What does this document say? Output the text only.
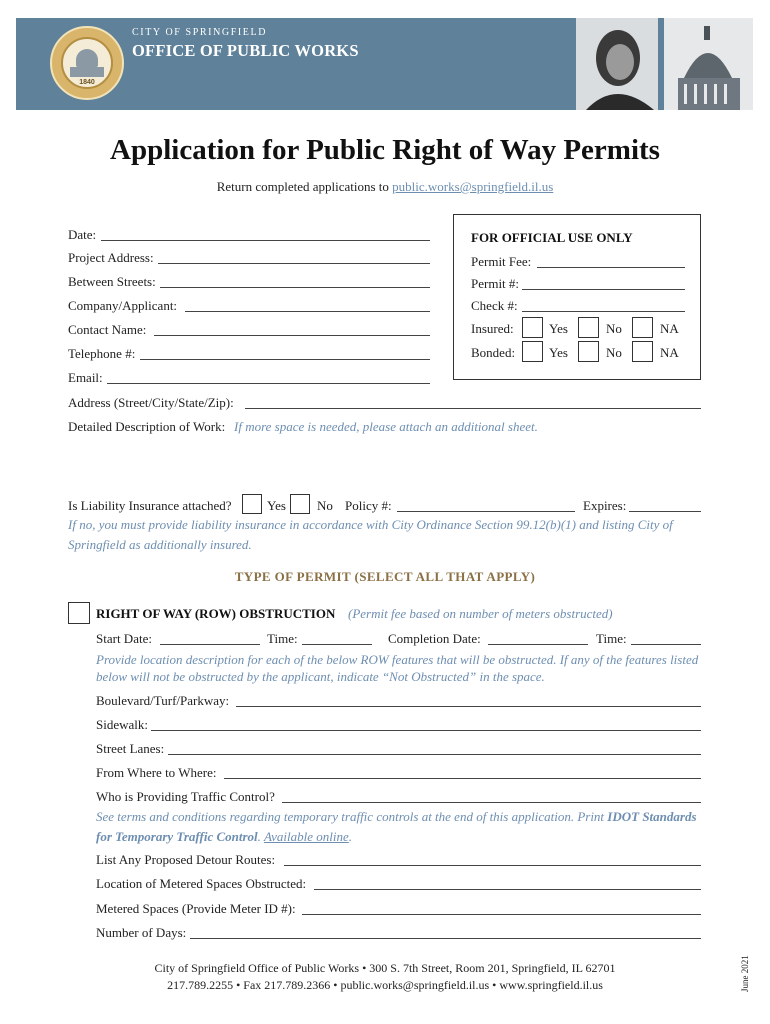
1840
CITY OF SPRINGFIELD
OFFICE OF PUBLIC WORKS
Application for Public Right of Way Permits
Return completed applications to public.works@springfield.il.us
Date:
Project Address:
Between Streets:
Company/Applicant:
Contact Name:
Telephone #:
Email:
Address (Street/City/State/Zip):
Detailed Description of Work: If more space is needed, please attach an additional sheet.
FOR OFFICIAL USE ONLY
Permit Fee:
Permit #:
Check #:
Insured:	Yes	No	NA
Bonded:	Yes	No	NA
Is Liability Insurance attached?	Yes No Policy #:	Expires:
If no, you must provide liability insurance in accordance with City Ordinance Section 99.12(b)(1) and listing City of
Springfield as additionally insured.
TYPE OF PERMIT (SELECT ALL THAT APPLY)
RIGHT OF WAY (ROW) OBSTRUCTION (Permit fee based on number of meters obstructed)
Start Date:	Time:	Completion Date:	Time:
Provide location description for each of the below ROW features that will be obstructed. If any of the features listed
below will not be obstructed by the applicant, indicate “Not Obstructed” in the space.
Boulevard/Turf/Parkway:
Sidewalk:
Street Lanes:
From Where to Where:
Who is Providing Traffic Control?
See terms and conditions regarding temporary traffic controls at the end of this application. Print IDOT Standards
for Temporary Traffic Control. Available online.
List Any Proposed Detour Routes:
Location of Metered Spaces Obstructed:
Metered Spaces (Provide Meter ID #):
Number of Days:
City of Springfield Office of Public Works • 300 S. 7th Street, Room 201, Springfield, IL 62701
217.789.2255 • Fax 217.789.2366 • public.works@springfield.il.us • www.springfield.il.us	June 2021
